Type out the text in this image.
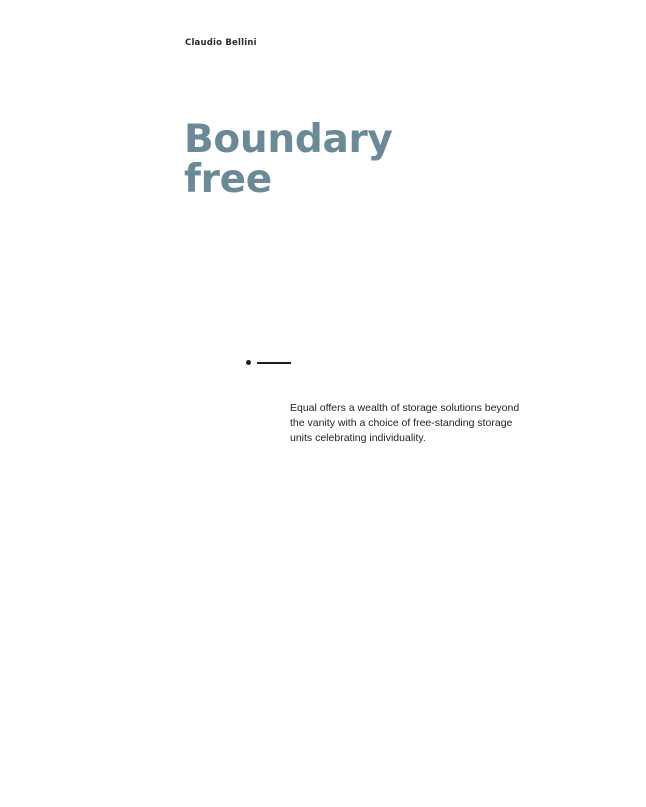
Claudio Bellini
Boundary
free

Equal offers a wealth of storage solutions beyond the vanity with a choice of free-standing storage units celebrating individuality.
